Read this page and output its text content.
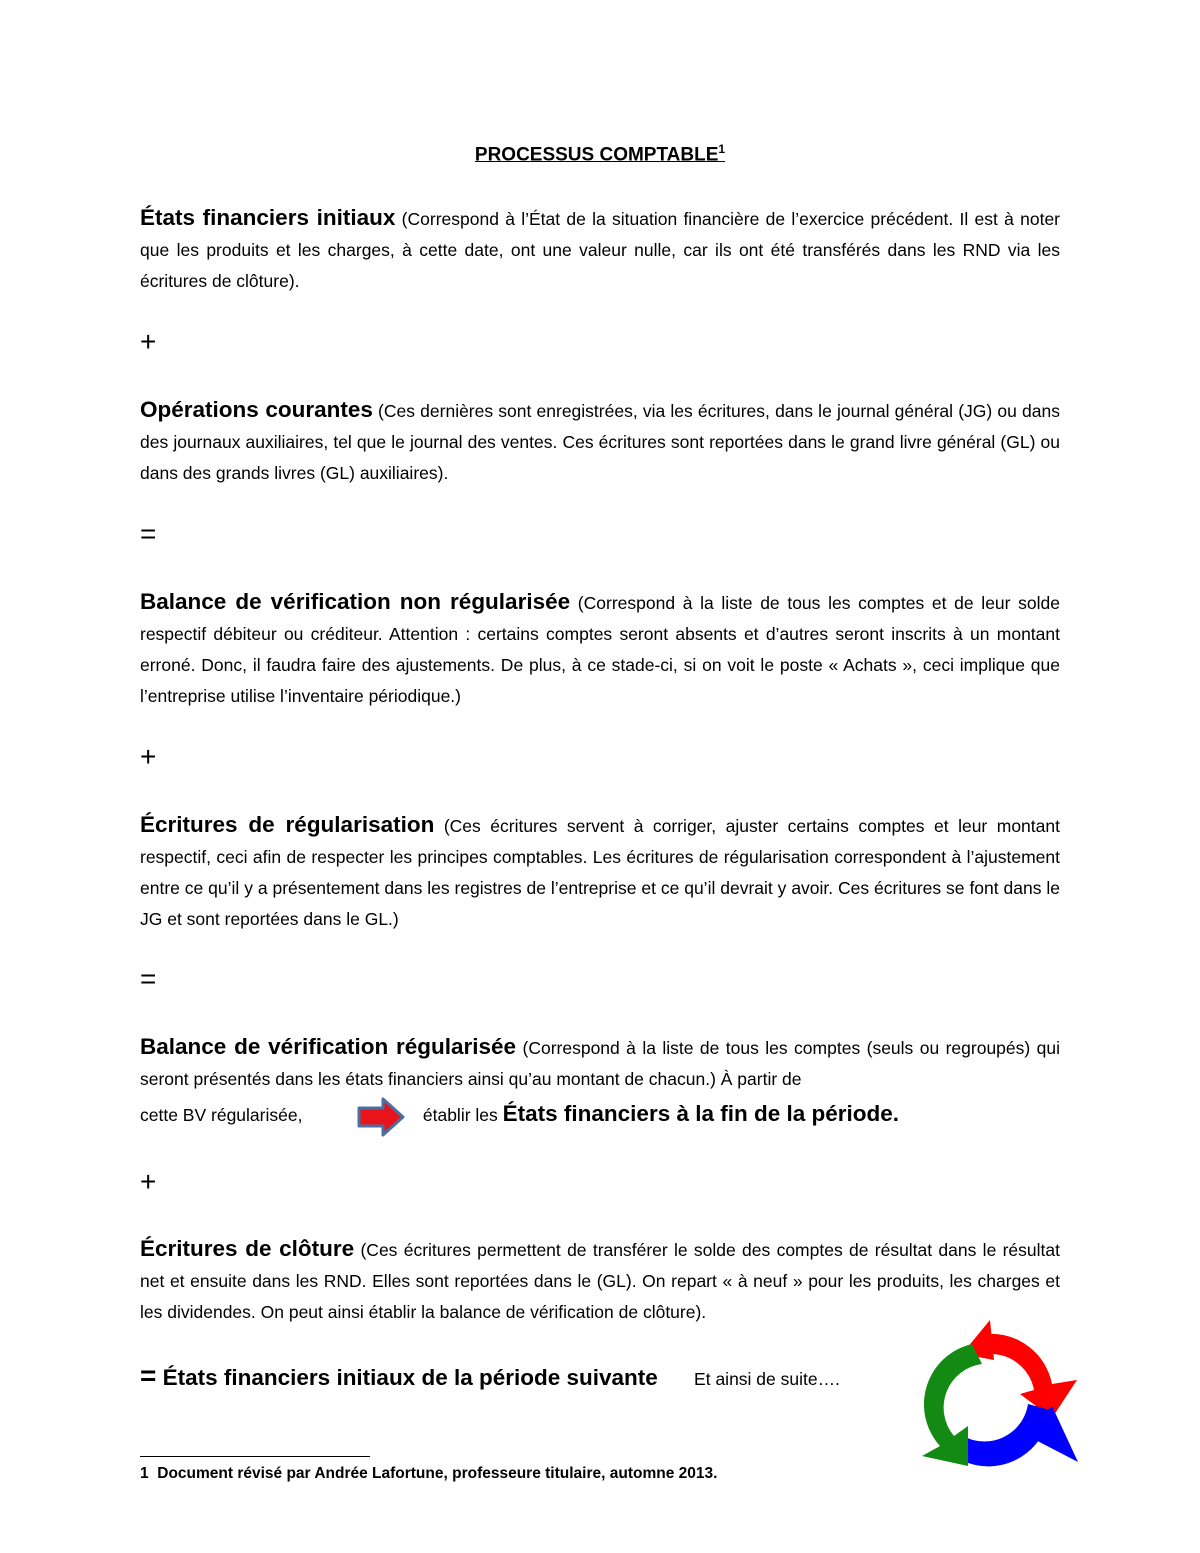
PROCESSUS COMPTABLE$^1$
États financiers initiaux (Correspond à l’État de la situation financière de l’exercice précédent. Il est à noter que les produits et les charges, à cette date, ont une valeur nulle, car ils ont été transférés dans les RND via les écritures de clôture).
+
Opérations courantes (Ces dernières sont enregistrées, via les écritures, dans le journal général (JG) ou dans des journaux auxiliaires, tel que le journal des ventes. Ces écritures sont reportées dans le grand livre général (GL) ou dans des grands livres (GL) auxiliaires).
=
Balance de vérification non régularisée (Correspond à la liste de tous les comptes et de leur solde respectif débiteur ou créditeur. Attention : certains comptes seront absents et d’autres seront inscrits à un montant erroné. Donc, il faudra faire des ajustements. De plus, à ce stade-ci, si on voit le poste « Achats », ceci implique que l’entreprise utilise l’inventaire périodique.)
+
Écritures de régularisation (Ces écritures servent à corriger, ajuster certains comptes et leur montant respectif, ceci afin de respecter les principes comptables. Les écritures de régularisation correspondent à l’ajustement entre ce qu’il y a présentement dans les registres de l’entreprise et ce qu’il devrait y avoir. Ces écritures se font dans le JG et sont reportées dans le GL.)
=
Balance de vérification régularisée (Correspond à la liste de tous les comptes (seuls ou regroupés) qui seront présentés dans les états financiers ainsi qu’au montant de chacun.) À partir de
cette BV régularisée,	établir les États financiers à la fin de la période.
+
Écritures de clôture (Ces écritures permettent de transférer le solde des comptes de résultat dans le résultat net et ensuite dans les RND. Elles sont reportées dans le (GL). On repart « à neuf » pour les produits, les charges et les dividendes. On peut ainsi établir la balance de vérification de clôture).
= États financiers initiaux de la période suivante Et ainsi de suite….
1 Document révisé par Andrée Lafortune, professeure titulaire, automne 2013.
